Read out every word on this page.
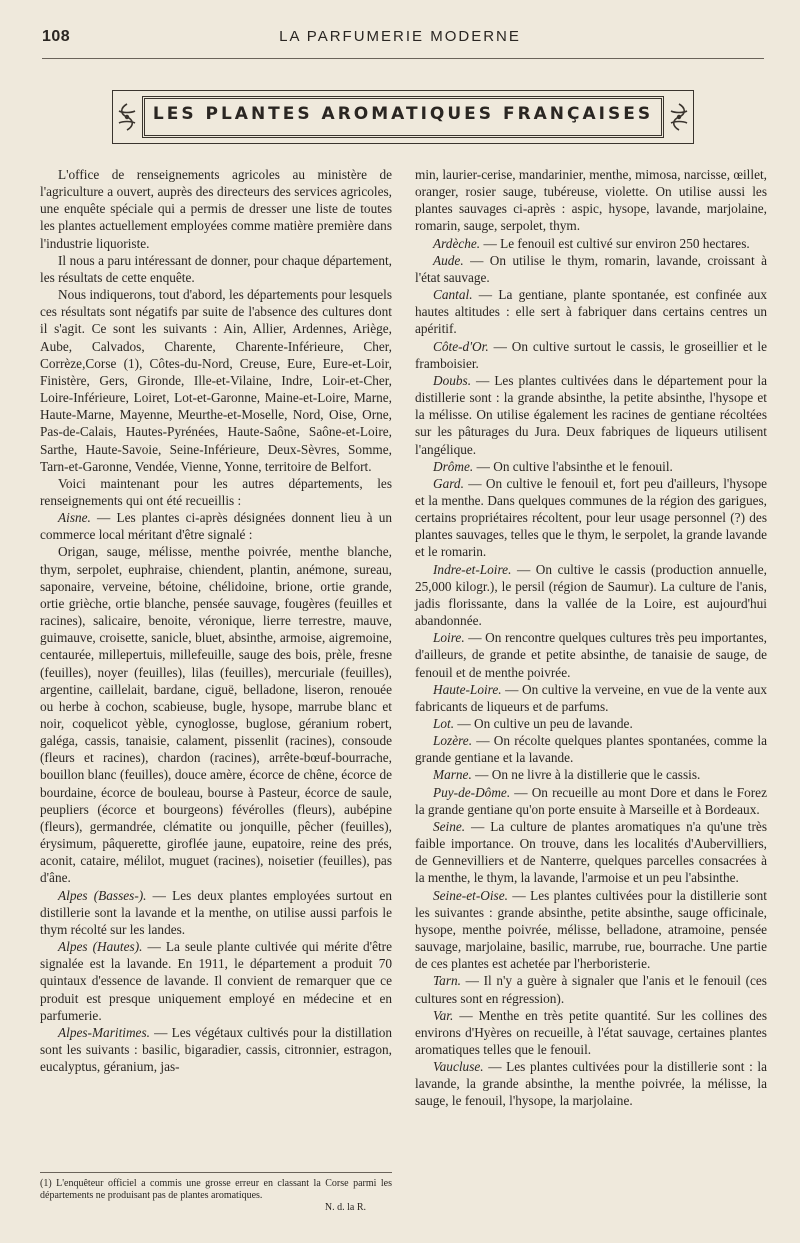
108	LA PARFUMERIE MODERNE
LES PLANTES AROMATIQUES FRANÇAISES

L'office de renseignements agricoles au ministère de l'agriculture a ouvert, auprès des directeurs des services agricoles, une enquête spéciale qui a permis de dresser une liste de toutes les plantes actuellement employées comme matière première dans l'industrie liquoriste.

Il nous a paru intéressant de donner, pour chaque département, les résultats de cette enquête.

Nous indiquerons, tout d'abord, les départements pour lesquels ces résultats sont négatifs par suite de l'absence des cultures dont il s'agit. Ce sont les suivants : Ain, Allier, Ardennes, Ariège, Aube, Calvados, Charente, Charente-Inférieure, Cher, Corrèze,Corse (1), Côtes-du-Nord, Creuse, Eure, Eure-et-Loir, Finistère, Gers, Gironde, Ille-et-Vilaine, Indre, Loir-et-Cher, Loire-Inférieure, Loiret, Lot-et-Garonne, Maine-et-Loire, Marne, Haute-Marne, Mayenne, Meurthe-et-Moselle, Nord, Oise, Orne, Pas-de-Calais, Hautes-Pyrénées, Haute-Saône, Saône-et-Loire, Sarthe, Haute-Savoie, Seine-Inférieure, Deux-Sèvres, Somme, Tarn-et-Garonne, Vendée, Vienne, Yonne, territoire de Belfort.

Voici maintenant pour les autres départements, les renseignements qui ont été recueillis :

Aisne. — Les plantes ci-après désignées donnent lieu à un commerce local méritant d'être signalé :

Origan, sauge, mélisse, menthe poivrée, menthe blanche, thym, serpolet, euphraise, chiendent, plantin, anémone, sureau, saponaire, verveine, bétoine, chélidoine, brione, ortie grande, ortie grièche, ortie blanche, pensée sauvage, fougères (feuilles et racines), salicaire, benoite, véronique, lierre terrestre, mauve, guimauve, croisette, sanicle, bluet, absinthe, armoise, aigremoine, centaurée, millepertuis, millefeuille, sauge des bois, prèle, fresne (feuilles), noyer (feuilles), lilas (feuilles), mercuriale (feuilles), argentine, caillelait, bardane, ciguë, belladone, liseron, renouée ou herbe à cochon, scabieuse, bugle, hysope, marrube blanc et noir, coquelicot yèble, cynoglosse, buglose, géranium robert, galéga, cassis, tanaisie, calament, pissenlit (racines), consoude (fleurs et racines), chardon (racines), arrête-bœuf-bourrache, bouillon blanc (feuilles), douce amère, écorce de chêne, écorce de bourdaine, écorce de bouleau, bourse à Pasteur, écorce de saule, peupliers (écorce et bourgeons) févérolles (fleurs), aubépine (fleurs), germandrée, clématite ou jonquille, pêcher (feuilles), érysimum, pâquerette, giroflée jaune, eupatoire, reine des prés, aconit, cataire, mélilot, muguet (racines), noisetier (feuilles), pas d'âne.

Alpes (Basses-). — Les deux plantes employées surtout en distillerie sont la lavande et la menthe, on utilise aussi parfois le thym récolté sur les landes.

Alpes (Hautes). — La seule plante cultivée qui mérite d'être signalée est la lavande. En 1911, le département a produit 70 quintaux d'essence de lavande. Il convient de remarquer que ce produit est presque uniquement employé en médecine et en parfumerie.

Alpes-Maritimes. — Les végétaux cultivés pour la distillation sont les suivants : basilic, bigaradier, cassis, citronnier, estragon, eucalyptus, géranium, jas-

min, laurier-cerise, mandarinier, menthe, mimosa, narcisse, œillet, oranger, rosier sauge, tubéreuse, violette. On utilise aussi les plantes sauvages ci-après : aspic, hysope, lavande, marjolaine, romarin, sauge, serpolet, thym.

Ardèche. — Le fenouil est cultivé sur environ 250 hectares.

Aude. — On utilise le thym, romarin, lavande, croissant à l'état sauvage.

Cantal. — La gentiane, plante spontanée, est confinée aux hautes altitudes : elle sert à fabriquer dans certains centres un apéritif.

Côte-d'Or. — On cultive surtout le cassis, le groseillier et le framboisier.

Doubs. — Les plantes cultivées dans le département pour la distillerie sont : la grande absinthe, la petite absinthe, l'hysope et la mélisse. On utilise également les racines de gentiane récoltées sur les pâturages du Jura. Deux fabriques de liqueurs utilisent l'angélique.

Drôme. — On cultive l'absinthe et le fenouil.

Gard. — On cultive le fenouil et, fort peu d'ailleurs, l'hysope et la menthe. Dans quelques communes de la région des garigues, certains propriétaires récoltent, pour leur usage personnel (?) des plantes sauvages, telles que le thym, le serpolet, la grande lavande et le romarin.

Indre-et-Loire. — On cultive le cassis (production annuelle, 25,000 kilogr.), le persil (région de Saumur). La culture de l'anis, jadis florissante, dans la vallée de la Loire, est aujourd'hui abandonnée.

Loire. — On rencontre quelques cultures très peu importantes, d'ailleurs, de grande et petite absinthe, de tanaisie de sauge, de fenouil et de menthe poivrée.

Haute-Loire. — On cultive la verveine, en vue de la vente aux fabricants de liqueurs et de parfums.

Lot. — On cultive un peu de lavande.

Lozère. — On récolte quelques plantes spontanées, comme la grande gentiane et la lavande.

Marne. — On ne livre à la distillerie que le cassis.

Puy-de-Dôme. — On recueille au mont Dore et dans le Forez la grande gentiane qu'on porte ensuite à Marseille et à Bordeaux.

Seine. — La culture de plantes aromatiques n'a qu'une très faible importance. On trouve, dans les localités d'Aubervilliers, de Gennevilliers et de Nanterre, quelques parcelles consacrées à la menthe, le thym, la lavande, l'armoise et un peu l'absinthe.

Seine-et-Oise. — Les plantes cultivées pour la distillerie sont les suivantes : grande absinthe, petite absinthe, sauge officinale, hysope, menthe poivrée, mélisse, belladone, atramoine, pensée sauvage, marjolaine, basilic, marrube, rue, bourrache. Une partie de ces plantes est achetée par l'herboristerie.

Tarn. — Il n'y a guère à signaler que l'anis et le fenouil (ces cultures sont en régression).

Var. — Menthe en très petite quantité. Sur les collines des environs d'Hyères on recueille, à l'état sauvage, certaines plantes aromatiques telles que le fenouil.

Vaucluse. — Les plantes cultivées pour la distillerie sont : la lavande, la grande absinthe, la menthe poivrée, la mélisse, la sauge, le fenouil, l'hysope, la marjolaine.

(1) L'enquêteur officiel a commis une grosse erreur en classant la Corse parmi les départements ne produisant pas de plantes aromatiques.
N. d. la R.
